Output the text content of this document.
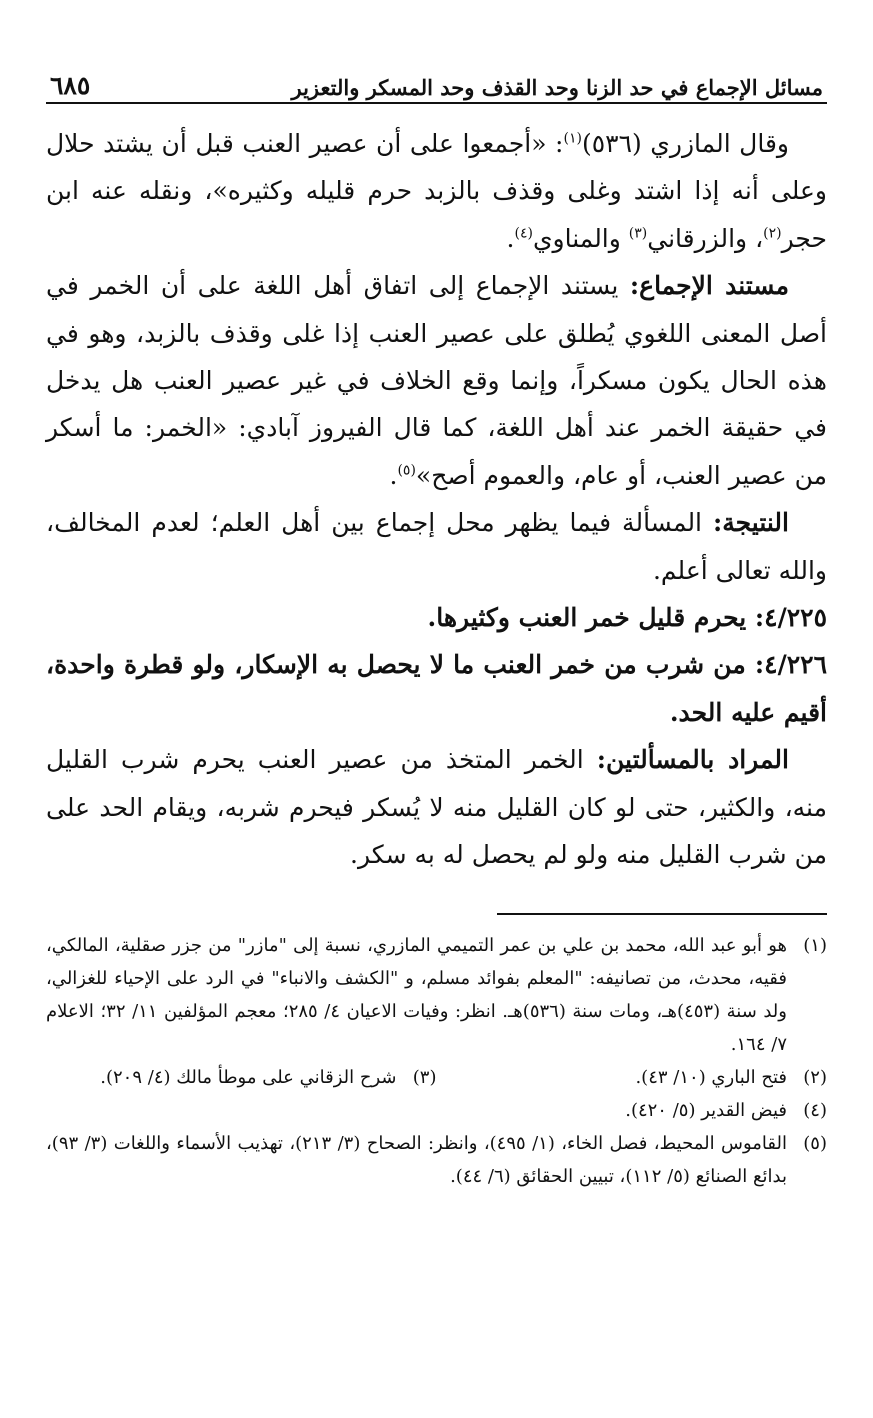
مسائل الإجماع في حد الزنا وحد القذف وحد المسكر والتعزير
٦٨٥

وقال المازري (٥٣٦)$^{(١)}$: «أجمعوا على أن عصير العنب قبل أن يشتد حلال وعلى أنه إذا اشتد وغلى وقذف بالزبد حرم قليله وكثيره»، ونقله عنه ابن حجر$^{(٢)}$، والزرقاني$^{(٣)}$ والمناوي$^{(٤)}$.

مستند الإجماع: يستند الإجماع إلى اتفاق أهل اللغة على أن الخمر في أصل المعنى اللغوي يُطلق على عصير العنب إذا غلى وقذف بالزبد، وهو في هذه الحال يكون مسكراً، وإنما وقع الخلاف في غير عصير العنب هل يدخل في حقيقة الخمر عند أهل اللغة، كما قال الفيروز آبادي: «الخمر: ما أسكر من عصير العنب، أو عام، والعموم أصح»$^{(٥)}$.

النتيجة: المسألة فيما يظهر محل إجماع بين أهل العلم؛ لعدم المخالف، والله تعالى أعلم.

٤/٢٢٥: يحرم قليل خمر العنب وكثيرها.

٤/٢٢٦: من شرب من خمر العنب ما لا يحصل به الإسكار، ولو قطرة واحدة، أقيم عليه الحد.

المراد بالمسألتين: الخمر المتخذ من عصير العنب يحرم شرب القليل منه، والكثير، حتى لو كان القليل منه لا يُسكر فيحرم شربه، ويقام الحد على من شرب القليل منه ولو لم يحصل له به سكر.

(١)
هو أبو عبد الله، محمد بن علي بن عمر التميمي المازري، نسبة إلى "مازر" من جزر صقلية، المالكي، فقيه، محدث، من تصانيفه: "المعلم بفوائد مسلم، و "الكشف والانباء" في الرد على الإحياء للغزالي، ولد سنة (٤٥٣)هـ، ومات سنة (٥٣٦)هـ. انظر: وفيات الاعيان ٤/ ٢٨٥؛ معجم المؤلفين ١١/ ٣٢؛ الاعلام ٧/ ١٦٤.
(٢)
فتح الباري (١٠/ ٤٣).
(٣)
شرح الزقاني على موطأ مالك (٤/ ٢٠٩).
(٤)
فيض القدير (٥/ ٤٢٠).
(٥)
القاموس المحيط، فصل الخاء، (١/ ٤٩٥)، وانظر: الصحاح (٣/ ٢١٣)، تهذيب الأسماء واللغات (٣/ ٩٣)، بدائع الصنائع (٥/ ١١٢)، تبيين الحقائق (٦/ ٤٤).
